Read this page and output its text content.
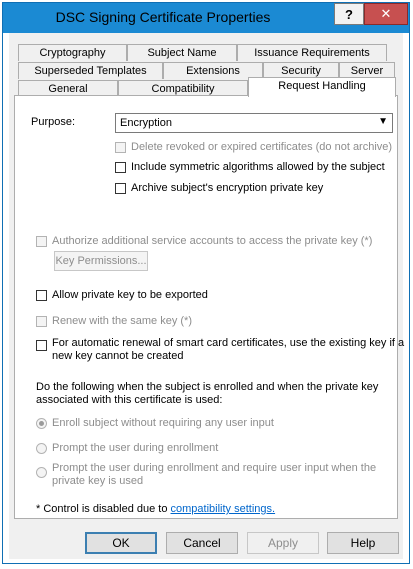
DSC Signing Certificate Properties	?	✕
Cryptography	Subject Name	Issuance Requirements
Superseded Templates	Extensions	Security	Server
General	Compatibility	Request Handling
Purpose:	Encryption	▼
Delete revoked or expired certificates (do not archive)
Include symmetric algorithms allowed by the subject
Archive subject's encryption private key
Authorize additional service accounts to access the private key (*)
Key Permissions...
Allow private key to be exported
Renew with the same key (*)
For automatic renewal of smart card certificates, use the existing key if a
new key cannot be created
Do the following when the subject is enrolled and when the private key
associated with this certificate is used:
Enroll subject without requiring any user input
Prompt the user during enrollment
Prompt the user during enrollment and require user input when the
private key is used
* Control is disabled due to compatibility settings.
OK	Cancel	Apply	Help
